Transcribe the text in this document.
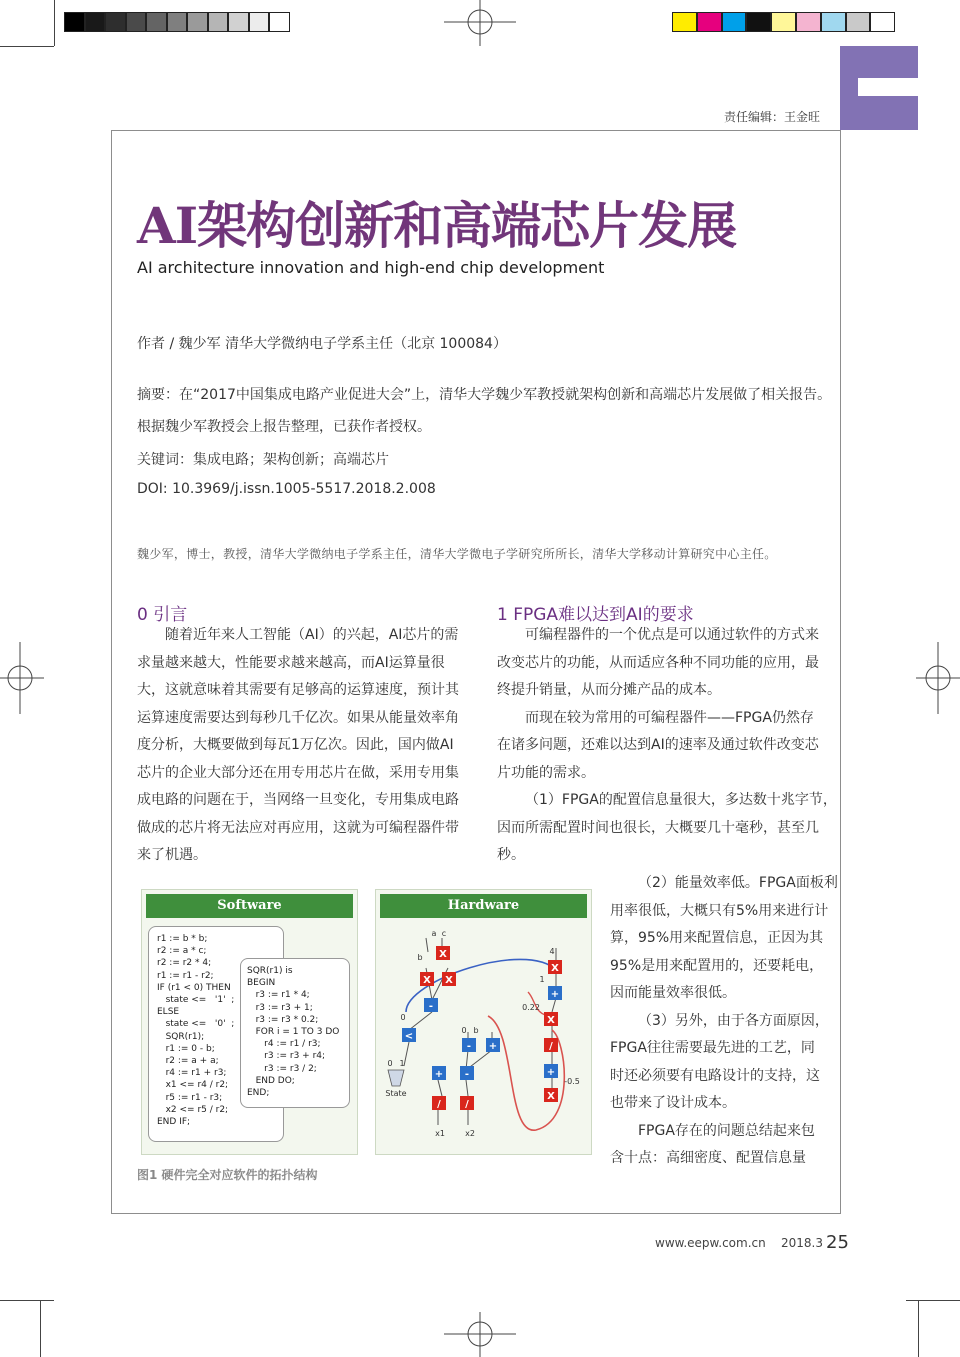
责任编辑：王金旺
AI架构创新和高端芯片发展
AI architecture innovation and high-end chip development
作者 / 魏少军 清华大学微纳电子学系主任（北京 100084）
摘要：在“2017中国集成电路产业促进大会”上，清华大学魏少军教授就架构创新和高端芯片发展做了相关报告。
根据魏少军教授会上报告整理，已获作者授权。
关键词：集成电路；架构创新；高端芯片
DOI: 10.3969/j.issn.1005-5517.2018.2.008
魏少军，博士，教授，清华大学微纳电子学系主任，清华大学微电子学研究所所长，清华大学移动计算研究中心主任。
0 引言	1 FPGA难以达到AI的要求

随着近年来人工智能（AI）的兴起，AI芯片的需

求量越来越大，性能要求越来越高，而AI运算量很

大，这就意味着其需要有足够高的运算速度，预计其

运算速度需要达到每秒几千亿次。如果从能量效率角

度分析，大概要做到每瓦1万亿次。因此，国内做AI

芯片的企业大部分还在用专用芯片在做，采用专用集

成电路的问题在于，当网络一旦变化，专用集成电路

做成的芯片将无法应对再应用，这就为可编程器件带

来了机遇。

可编程器件的一个优点是可以通过软件的方式来

改变芯片的功能，从而适应各种不同功能的应用，最

终提升销量，从而分摊产品的成本。

而现在较为常用的可编程器件——FPGA仍然存

在诸多问题，还难以达到AI的速率及通过软件改变芯

片功能的需求。

（1）FPGA的配置信息量很大，多达数十兆字节，

因而所需配置时间也很长，大概要几十毫秒，甚至几

秒。

（2）能量效率低。FPGA面板利

用率很低，大概只有5%用来进行计

算，95%用来配置信息，正因为其

95%是用来配置用的，还要耗电，

因而能量效率很低。

（3）另外，由于各方面原因，

FPGA往往需要最先进的工艺，同

时还必须要有电路设计的支持，这

也带来了设计成本。

FPGA存在的问题总结起来包

含十点：高细密度、配置信息量

Software
r1 := b * b;
r2 := a * c;
r2 := r2 * 4;
r1 := r1 - r2;
IF (r1 < 0) THEN
state <=   '1'  ;
ELSE
state <=   '0'  ;
SQR(r1);
r1 := 0 - b;
r2 := a + a;
r4 := r1 + r3;
x1 <= r4 / r2;
r5 := r1 - r3;
x2 <= r5 / r2;
END IF;
SQR(r1) is
BEGIN
r3 := r1 * 4;
r3 := r3 + 1;
r3 := r3 * 0.2;
FOR i = 1 TO 3 DO
r4 := r1 / r3;
r3 := r3 + r4;
r3 := r3 / 2;
END DO;
END;
Hardware
X
X X
X
X
X
-
<
- +
+
+
+ -
/ /
/
a c
b
4
0
1
0.22
0 b
0 1
State
-0.5
x1	x2
图1 硬件完全对应软件的拓扑结构
www.eepw.com.cn 2018.3 25
